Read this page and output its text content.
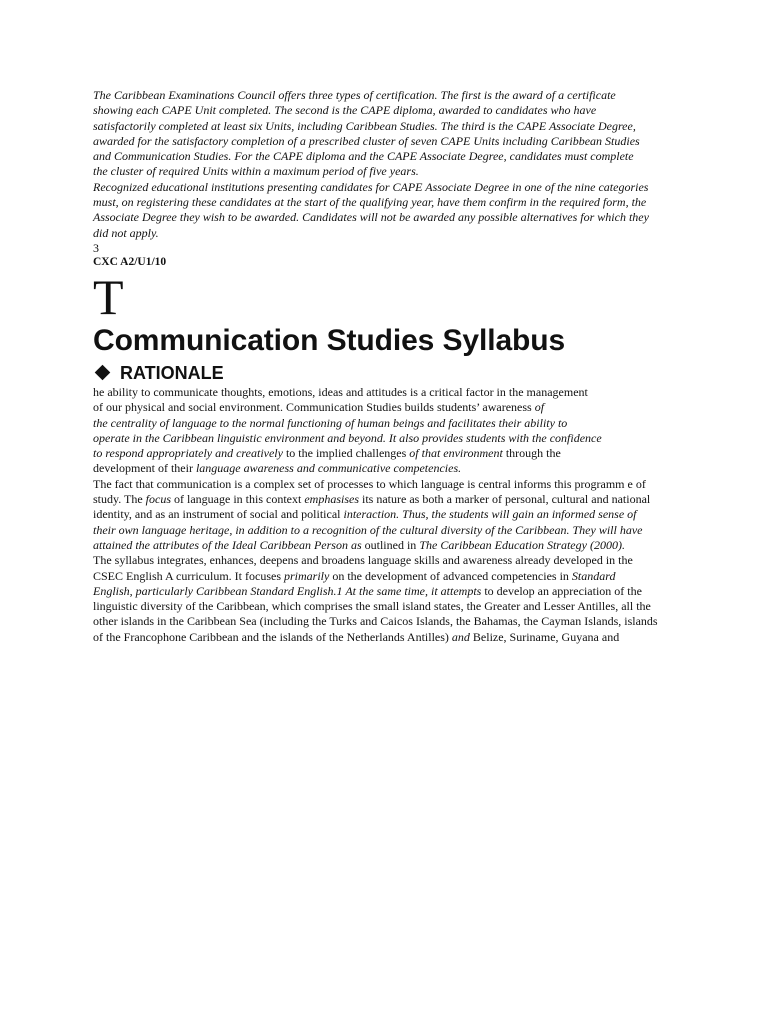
The Caribbean Examinations Council offers three types of certification. The first is the award of a certificate

showing each CAPE Unit completed. The second is the CAPE diploma, awarded to candidates who have

satisfactorily completed at least six Units, including Caribbean Studies. The third is the CAPE Associate Degree,

awarded for the satisfactory completion of a prescribed cluster of seven CAPE Units including Caribbean Studies

and Communication Studies. For the CAPE diploma and the CAPE Associate Degree, candidates must complete

the cluster of required Units within a maximum period of five years.

Recognized educational institutions presenting candidates for CAPE Associate Degree in one of the nine categories

must, on registering these candidates at the start of the qualifying year, have them confirm in the required form, the

Associate Degree they wish to be awarded. Candidates will not be awarded any possible alternatives for which they

did not apply.

3

CXC A2/U1/10

T
Communication Studies Syllabus
RATIONALE

he ability to communicate thoughts, emotions, ideas and attitudes is a critical factor in the management

of our physical and social environment. Communication Studies builds students’ awareness of

the centrality of language to the normal functioning of human beings and facilitates their ability to

operate in the Caribbean linguistic environment and beyond. It also provides students with the confidence

to respond appropriately and creatively to the implied challenges of that environment through the

development of their language awareness and communicative competencies.

The fact that communication is a complex set of processes to which language is central informs this programm e of

study. The focus of language in this context emphasises its nature as both a marker of personal, cultural and national

identity, and as an instrument of social and political interaction. Thus, the students will gain an informed sense of

their own language heritage, in addition to a recognition of the cultural diversity of the Caribbean. They will have

attained the attributes of the Ideal Caribbean Person as outlined in The Caribbean Education Strategy (2000).

The syllabus integrates, enhances, deepens and broadens language skills and awareness already developed in the

CSEC English A curriculum. It focuses primarily on the development of advanced competencies in Standard

English, particularly Caribbean Standard English.1 At the same time, it attempts to develop an appreciation of the

linguistic diversity of the Caribbean, which comprises the small island states, the Greater and Lesser Antilles, all the

other islands in the Caribbean Sea (including the Turks and Caicos Islands, the Bahamas, the Cayman Islands, islands

of the Francophone Caribbean and the islands of the Netherlands Antilles) and Belize, Suriname, Guyana and
